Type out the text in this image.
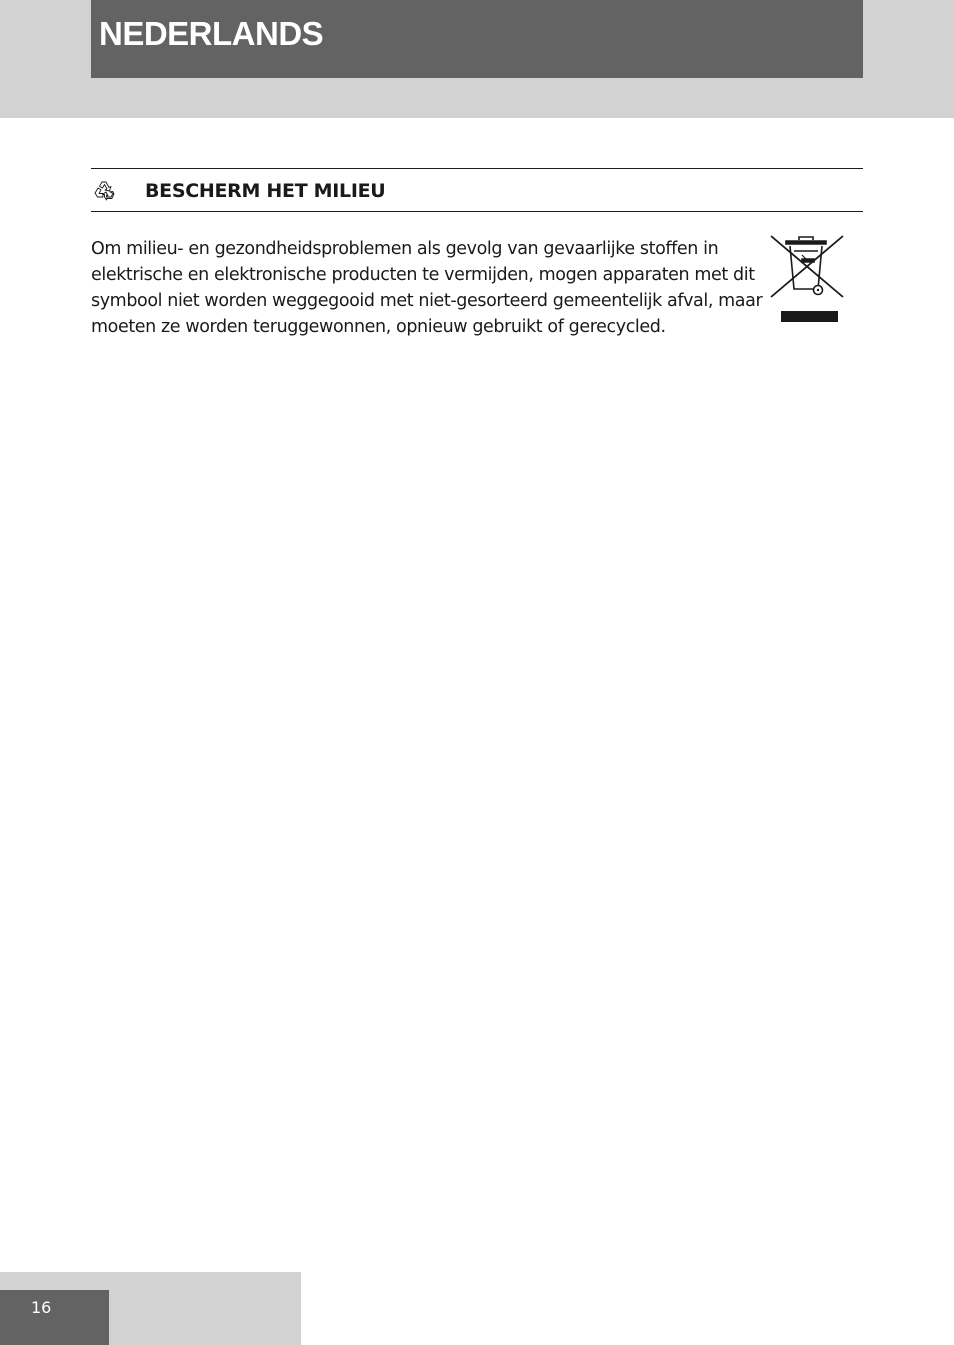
NEDERLANDS
BESCHERM HET MILIEU

Om milieu- en gezondheidsproblemen als gevolg van gevaarlijke stoffen in elektrische en elektronische producten te vermijden, mogen apparaten met dit symbool niet worden weggegooid met niet-gesorteerd gemeentelijk afval, maar moeten ze worden teruggewonnen, opnieuw gebruikt of gerecycled.

16
